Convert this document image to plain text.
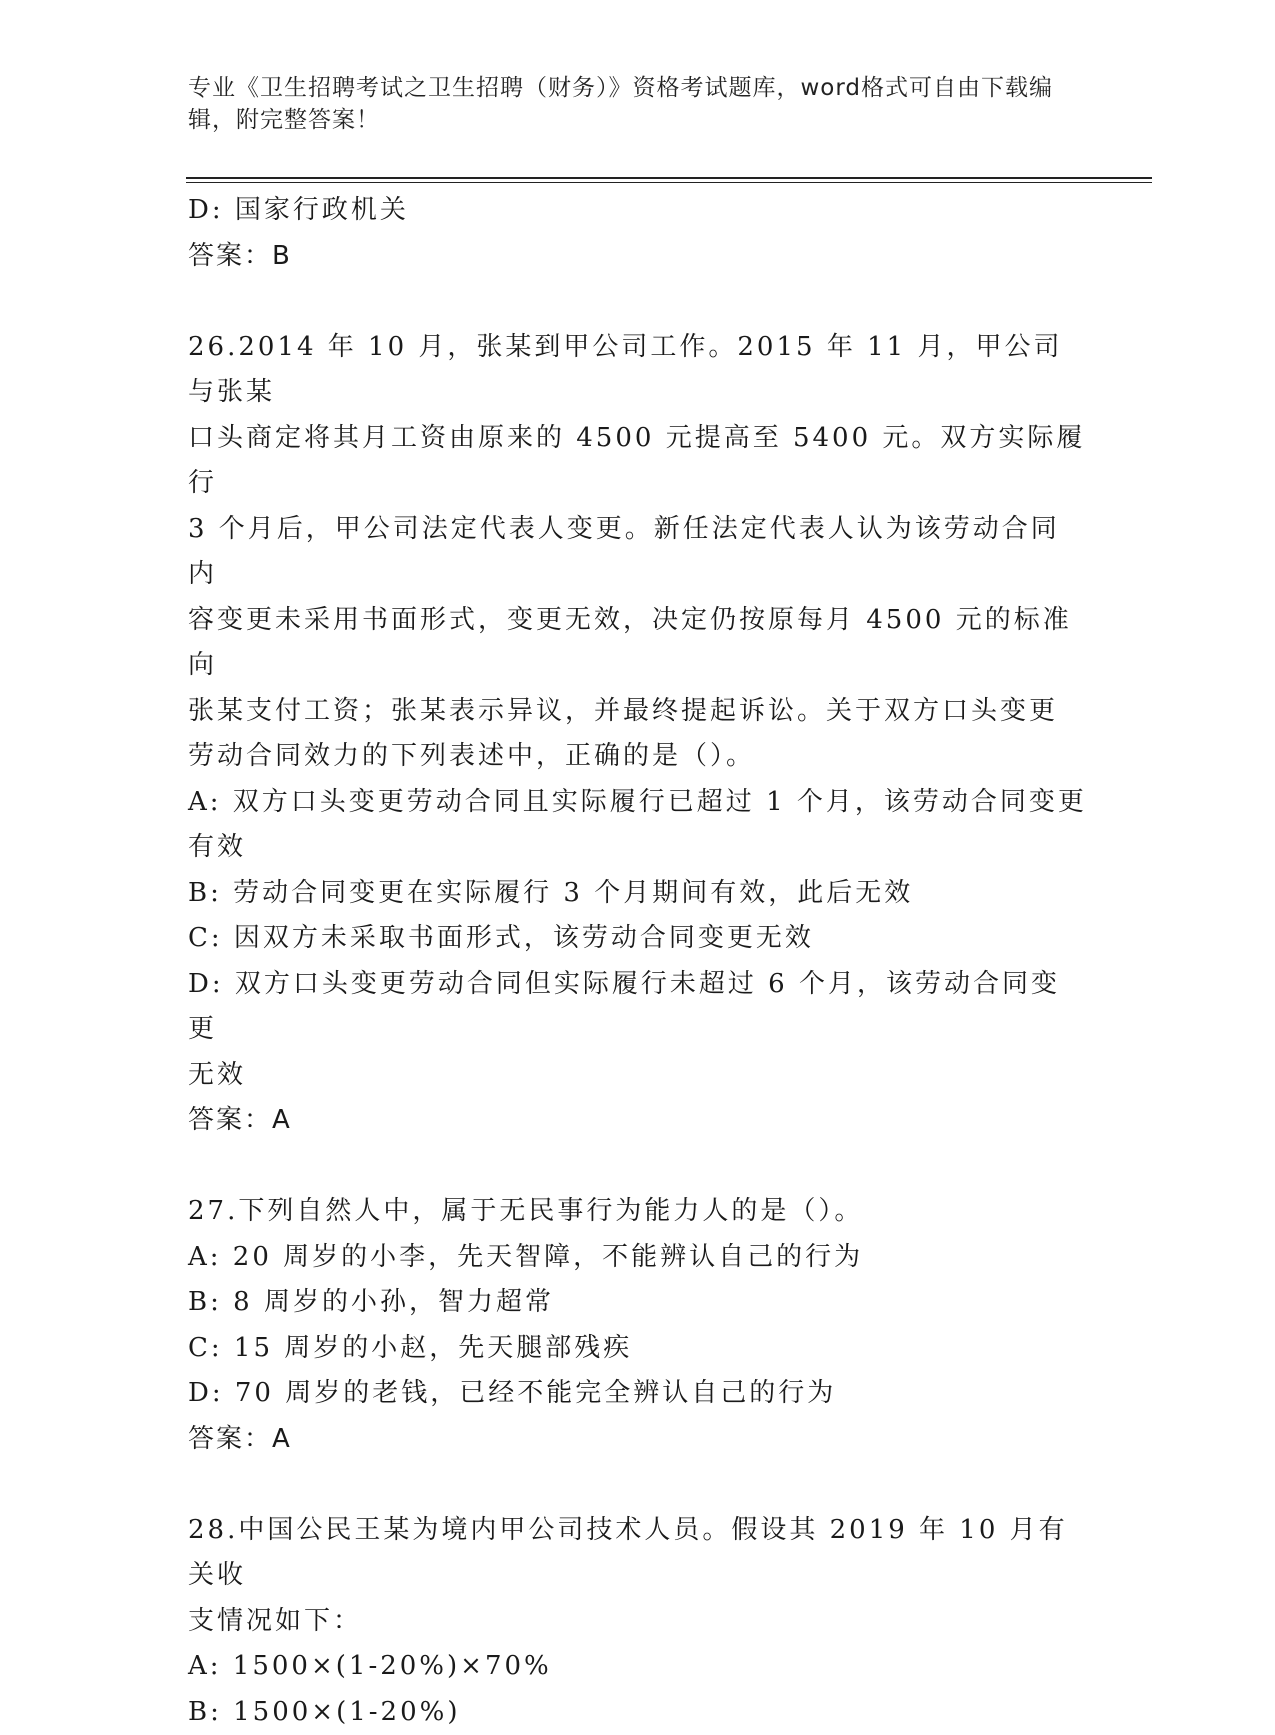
专业《卫生招聘考试之卫生招聘（财务）》资格考试题库，word格式可自由下载编辑，附完整答案！
D: 国家行政机关
答案：B
26.2014 年 10 月，张某到甲公司工作。2015 年 11 月，甲公司与张某
口头商定将其月工资由原来的 4500 元提高至 5400 元。双方实际履行
3 个月后，甲公司法定代表人变更。新任法定代表人认为该劳动合同内
容变更未采用书面形式，变更无效，决定仍按原每月 4500 元的标准向
张某支付工资；张某表示异议，并最终提起诉讼。关于双方口头变更
劳动合同效力的下列表述中，正确的是（）。
A: 双方口头变更劳动合同且实际履行已超过 1 个月，该劳动合同变更
有效
B: 劳动合同变更在实际履行 3 个月期间有效，此后无效
C: 因双方未采取书面形式，该劳动合同变更无效
D: 双方口头变更劳动合同但实际履行未超过 6 个月，该劳动合同变更
无效
答案：A
27.下列自然人中，属于无民事行为能力人的是（）。
A: 20 周岁的小李，先天智障，不能辨认自己的行为
B: 8 周岁的小孙，智力超常
C: 15 周岁的小赵，先天腿部残疾
D: 70 周岁的老钱，已经不能完全辨认自己的行为
答案：A
28.中国公民王某为境内甲公司技术人员。假设其 2019 年 10 月有关收
支情况如下：
A: 1500×(1-20%)×70%
B: 1500×(1-20%)
